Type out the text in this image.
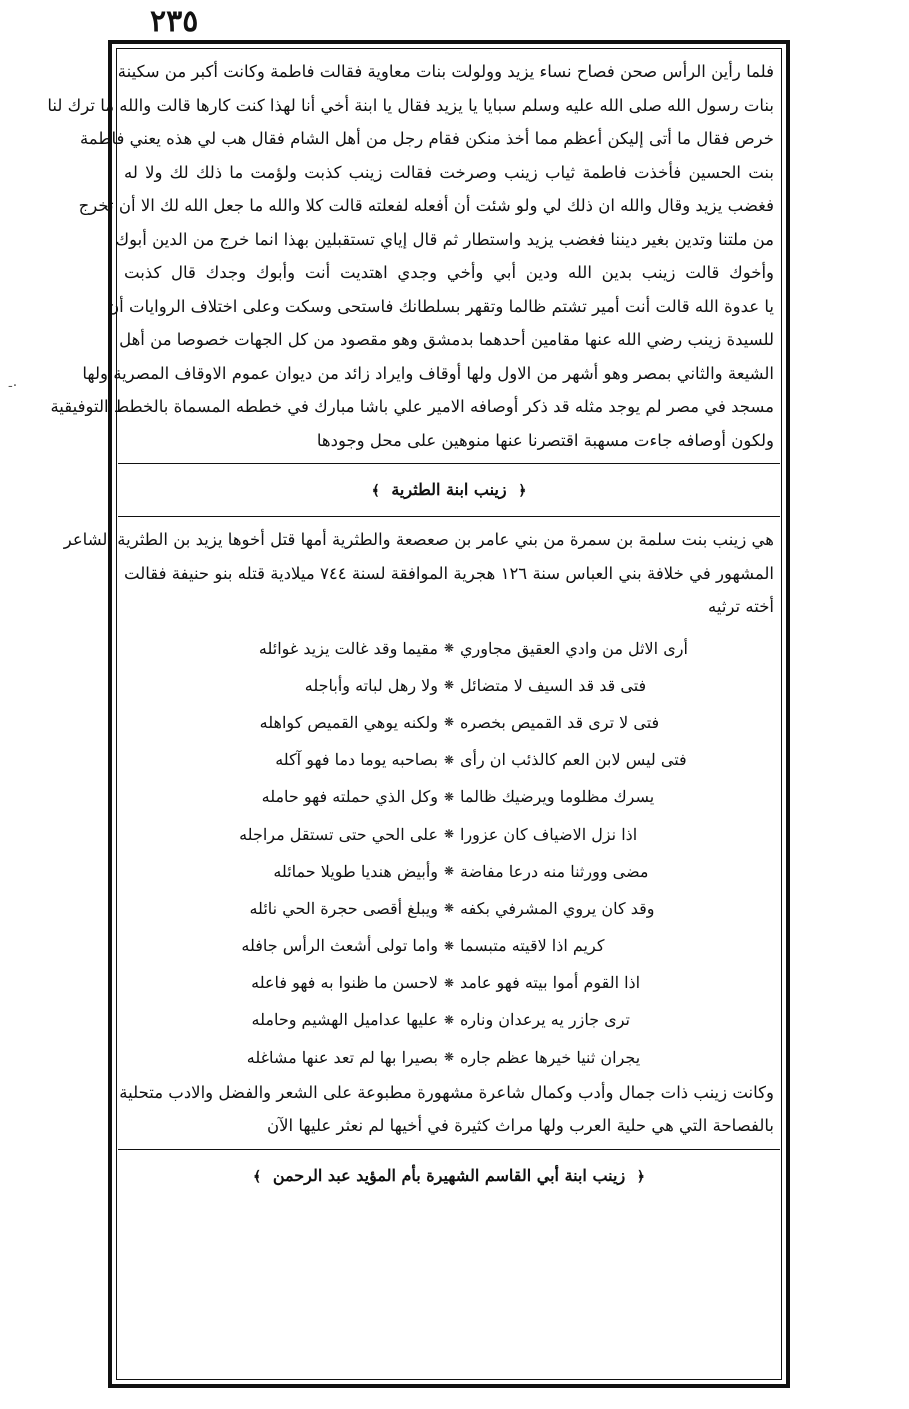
٢٣٥
-·
فلما رأين الرأس صحن فصاح نساء يزيد وولولت بنات معاوية فقالت فاطمة وكانت أكبر من سكينة
بنات رسول الله صلى الله عليه وسلم سبايا يا يزيد فقال يا ابنة أخي أنا لهذا كنت كارها قالت والله ما ترك لنا
خرص فقال ما أتى إليكن أعظم مما أخذ منكن فقام رجل من أهل الشام فقال هب لي هذه يعني فاطمة
بنت الحسين فأخذت فاطمة ثياب زينب وصرخت فقالت زينب كذبت ولؤمت ما ذلك لك ولا له
فغضب يزيد وقال والله ان ذلك لي ولو شئت أن أفعله لفعلته قالت كلا والله ما جعل الله لك الا أن تخرج
من ملتنا وتدين بغير ديننا فغضب يزيد واستطار ثم قال إياي تستقبلين بهذا انما خرج من الدين أبوك
وأخوك قالت زينب بدين الله ودين أبي وأخي وجدي اهتديت أنت وأبوك وجدك قال كذبت
يا عدوة الله قالت أنت أمير تشتم ظالما وتقهر بسلطانك فاستحى وسكت وعلى اختلاف الروايات أن
للسيدة زينب رضي الله عنها مقامين أحدهما بدمشق وهو مقصود من كل الجهات خصوصا من أهل
الشيعة والثاني بمصر وهو أشهر من الاول ولها أوقاف وايراد زائد من ديوان عموم الاوقاف المصرية ولها
مسجد في مصر لم يوجد مثله قد ذكر أوصافه الامير علي باشا مبارك في خططه المسماة بالخطط التوفيقية
ولكون أوصافه جاءت مسهبة اقتصرنا عنها منوهين على محل وجودها
﴿ زينب ابنة الطثرية ﴾
هي زينب بنت سلمة بن سمرة من بني عامر بن صعصعة والطثرية أمها قتل أخوها يزيد بن الطثرية الشاعر
المشهور في خلافة بني العباس سنة ١٢٦ هجرية الموافقة لسنة ٧٤٤ ميلادية قتله بنو حنيفة فقالت
أخته ترثيه
أرى الاثل من وادي العقيق مجاوري
❋
مقيما وقد غالت يزيد غوائله
فتى قد قد السيف لا متضائل
❋
ولا رهل لباته وأباجله
فتى لا ترى قد القميص بخصره
❋
ولكنه يوهي القميص كواهله
فتى ليس لابن العم كالذئب ان رأى
❋
بصاحبه يوما دما فهو آكله
يسرك مظلوما ويرضيك ظالما
❋
وكل الذي حملته فهو حامله
اذا نزل الاضياف كان عزورا
❋
على الحي حتى تستقل مراجله
مضى وورثنا منه درعا مفاضة
❋
وأبيض هنديا طويلا حمائله
وقد كان يروي المشرفي بكفه
❋
ويبلغ أقصى حجرة الحي نائله
كريم اذا لاقيته متبسما
❋
واما تولى أشعث الرأس جافله
اذا القوم أموا بيته فهو عامد
❋
لاحسن ما ظنوا به فهو فاعله
ترى جازر يه يرعدان وناره
❋
عليها عداميل الهشيم وحامله
يجران ثنيا خيرها عظم جاره
❋
بصيرا بها لم تعد عنها مشاغله
وكانت زينب ذات جمال وأدب وكمال شاعرة مشهورة مطبوعة على الشعر والفضل والادب متحلية
بالفصاحة التي هي حلية العرب ولها مراث كثيرة في أخيها لم نعثر عليها الآن
﴿ زينب ابنة أبي القاسم الشهيرة بأم المؤيد عبد الرحمن ﴾
